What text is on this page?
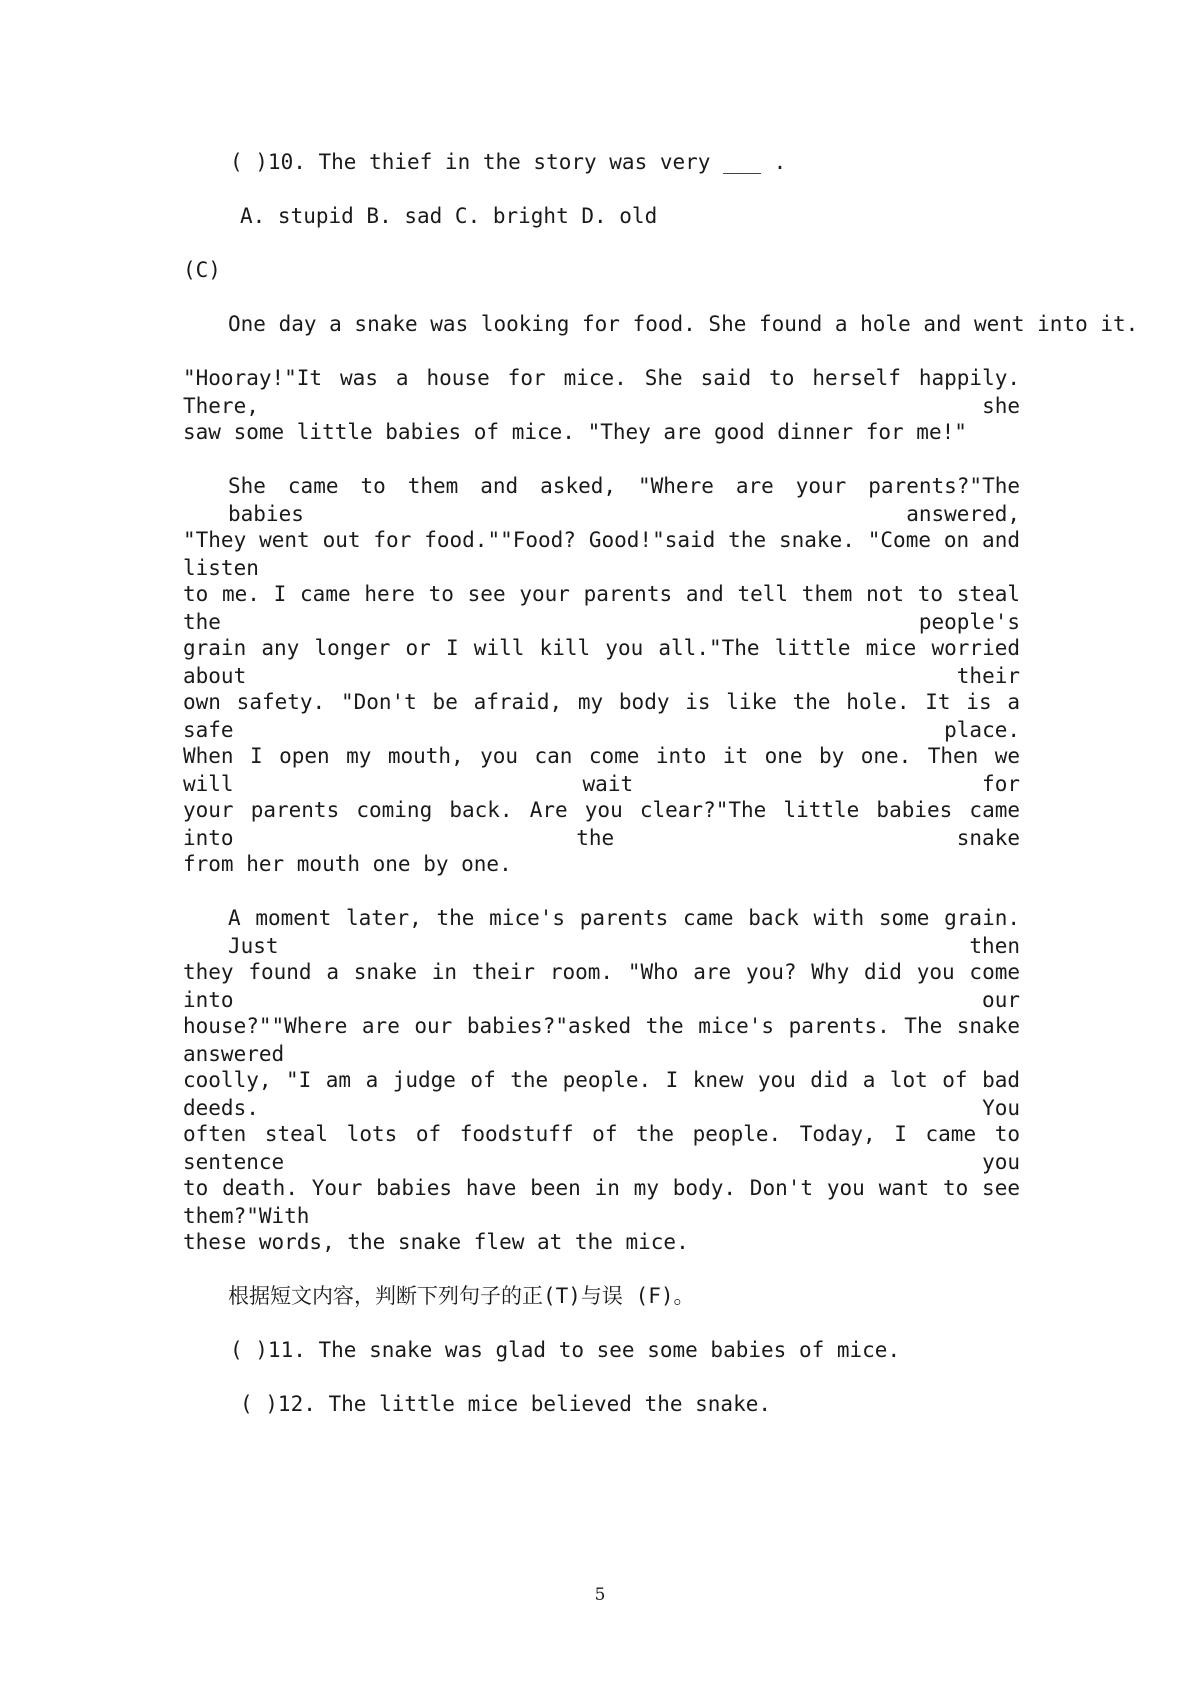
( )10. The thief in the story was very ___ .
A. stupid B. sad C. bright D. old
(C)
One day a snake was looking for food. She found a hole and went into it.
"Hooray!"It was a house for mice. She said to herself happily. There, she
saw some little babies of mice. "They are good dinner for me!"
She came to them and asked, "Where are your parents?"The babies answered,
"They went out for food.""Food? Good!"said the snake. "Come on and listen
to me. I came here to see your parents and tell them not to steal the people's
grain any longer or I will kill you all."The little mice worried about their
own safety. "Don't be afraid, my body is like the hole. It is a safe place.
When I open my mouth, you can come into it one by one. Then we will wait for
your parents coming back. Are you clear?"The little babies came into the snake
from her mouth one by one.
A moment later, the mice's parents came back with some grain. Just then
they found a snake in their room. "Who are you? Why did you come into our
house?""Where are our babies?"asked the mice's parents. The snake answered
coolly, "I am a judge of the people. I knew you did a lot of bad deeds. You
often steal lots of foodstuff of the people. Today, I came to sentence you
to death. Your babies have been in my body. Don't you want to see them?"With
these words, the snake flew at the mice.
根据短文内容，判断下列句子的正(T)与误 (F)。
( )11. The snake was glad to see some babies of mice.
( )12. The little mice believed the snake.
5
